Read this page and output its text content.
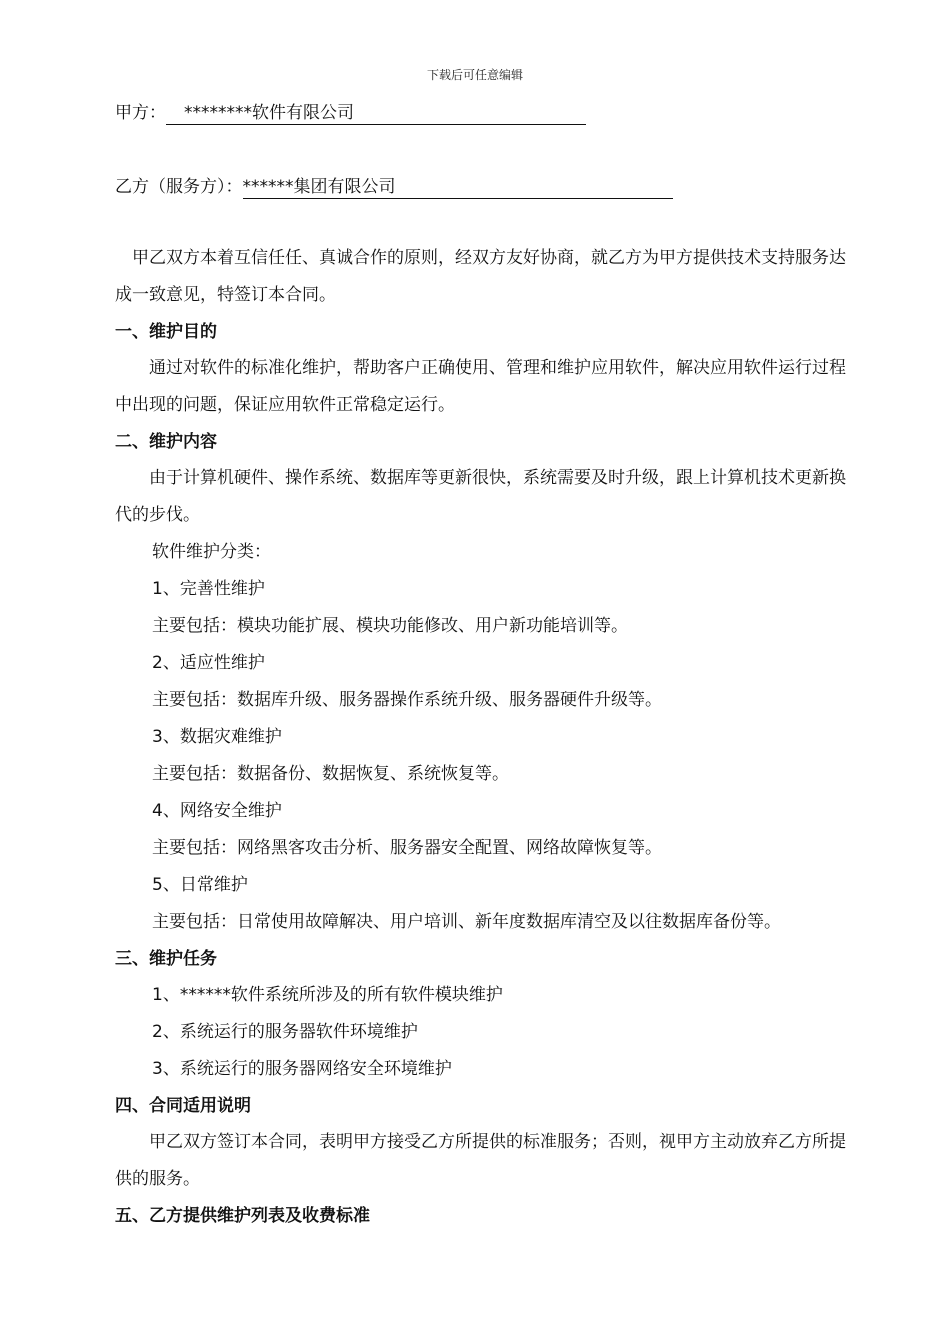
下载后可任意编辑
甲方： ********软件有限公司
乙方（服务方）：******集团有限公司

甲乙双方本着互信任任、真诚合作的原则，经双方友好协商，就乙方为甲方提供技术支持服务达成一致意见，特签订本合同。

一、维护目的

通过对软件的标准化维护，帮助客户正确使用、管理和维护应用软件，解决应用软件运行过程中出现的问题，保证应用软件正常稳定运行。

二、维护内容

由于计算机硬件、操作系统、数据库等更新很快，系统需要及时升级，跟上计算机技术更新换代的步伐。

软件维护分类：

1、完善性维护

主要包括：模块功能扩展、模块功能修改、用户新功能培训等。

2、适应性维护

主要包括：数据库升级、服务器操作系统升级、服务器硬件升级等。

3、数据灾难维护

主要包括：数据备份、数据恢复、系统恢复等。

4、网络安全维护

主要包括：网络黑客攻击分析、服务器安全配置、网络故障恢复等。

5、日常维护

主要包括：日常使用故障解决、用户培训、新年度数据库清空及以往数据库备份等。

三、维护任务

1、******软件系统所涉及的所有软件模块维护

2、系统运行的服务器软件环境维护

3、系统运行的服务器网络安全环境维护

四、合同适用说明

甲乙双方签订本合同，表明甲方接受乙方所提供的标准服务；否则，视甲方主动放弃乙方所提供的服务。

五、乙方提供维护列表及收费标准
